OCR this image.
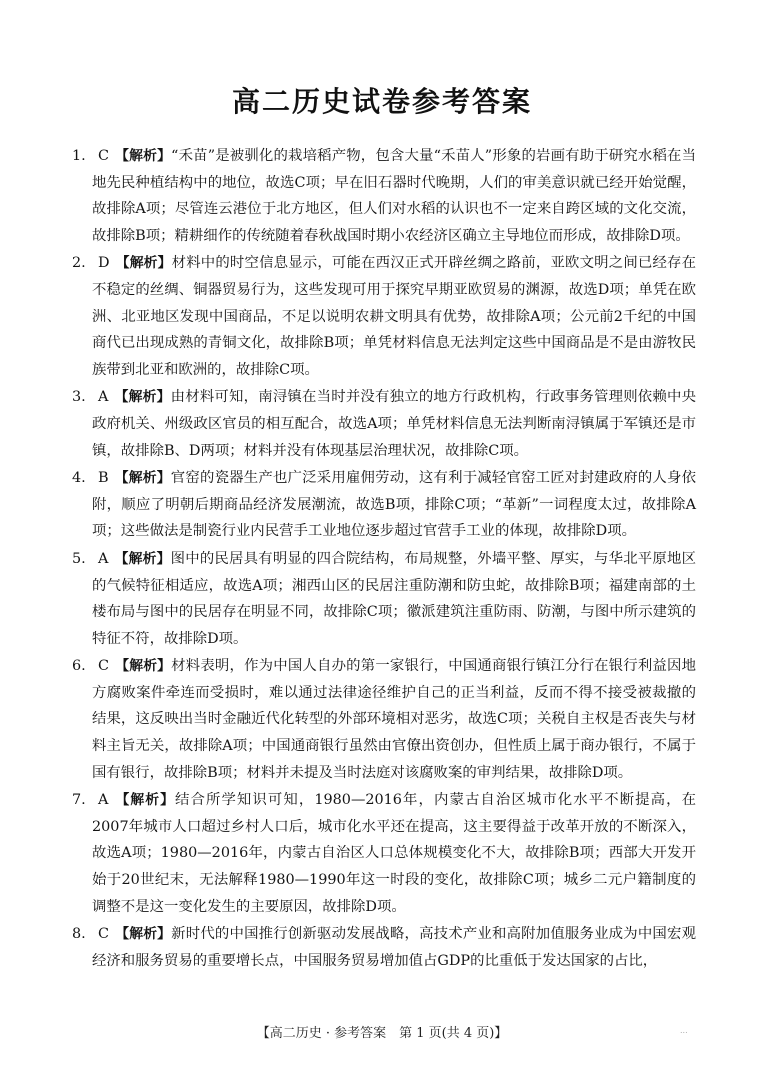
高二历史试卷参考答案
1. C 【解析】“禾苗”是被驯化的栽培稻产物，包含大量“禾苗人”形象的岩画有助于研究水稻在当地先民种植结构中的地位，故选C项；早在旧石器时代晚期，人们的审美意识就已经开始觉醒，故排除A项；尽管连云港位于北方地区，但人们对水稻的认识也不一定来自跨区域的文化交流，故排除B项；精耕细作的传统随着春秋战国时期小农经济区确立主导地位而形成，故排除D项。
2. D 【解析】材料中的时空信息显示，可能在西汉正式开辟丝绸之路前，亚欧文明之间已经存在不稳定的丝绸、铜器贸易行为，这些发现可用于探究早期亚欧贸易的渊源，故选D项；单凭在欧洲、北亚地区发现中国商品，不足以说明农耕文明具有优势，故排除A项；公元前2千纪的中国商代已出现成熟的青铜文化，故排除B项；单凭材料信息无法判定这些中国商品是不是由游牧民族带到北亚和欧洲的，故排除C项。
3. A 【解析】由材料可知，南浔镇在当时并没有独立的地方行政机构，行政事务管理则依赖中央政府机关、州级政区官员的相互配合，故选A项；单凭材料信息无法判断南浔镇属于军镇还是市镇，故排除B、D两项；材料并没有体现基层治理状况，故排除C项。
4. B 【解析】官窑的瓷器生产也广泛采用雇佣劳动，这有利于减轻官窑工匠对封建政府的人身依附，顺应了明朝后期商品经济发展潮流，故选B项，排除C项；“革新”一词程度太过，故排除A项；这些做法是制瓷行业内民营手工业地位逐步超过官营手工业的体现，故排除D项。
5. A 【解析】图中的民居具有明显的四合院结构，布局规整，外墙平整、厚实，与华北平原地区的气候特征相适应，故选A项；湘西山区的民居注重防潮和防虫蛇，故排除B项；福建南部的土楼布局与图中的民居存在明显不同，故排除C项；徽派建筑注重防雨、防潮，与图中所示建筑的特征不符，故排除D项。
6. C 【解析】材料表明，作为中国人自办的第一家银行，中国通商银行镇江分行在银行利益因地方腐败案件牵连而受损时，难以通过法律途径维护自己的正当利益，反而不得不接受被裁撤的结果，这反映出当时金融近代化转型的外部环境相对恶劣，故选C项；关税自主权是否丧失与材料主旨无关，故排除A项；中国通商银行虽然由官僚出资创办，但性质上属于商办银行，不属于国有银行，故排除B项；材料并未提及当时法庭对该腐败案的审判结果，故排除D项。
7. A 【解析】结合所学知识可知，1980—2016年，内蒙古自治区城市化水平不断提高，在2007年城市人口超过乡村人口后，城市化水平还在提高，这主要得益于改革开放的不断深入，故选A项；1980—2016年，内蒙古自治区人口总体规模变化不大，故排除B项；西部大开发开始于20世纪末，无法解释1980—1990年这一时段的变化，故排除C项；城乡二元户籍制度的调整不是这一变化发生的主要原因，故排除D项。
8. C 【解析】新时代的中国推行创新驱动发展战略，高技术产业和高附加值服务业成为中国宏观经济和服务贸易的重要增长点，中国服务贸易增加值占GDP的比重低于发达国家的占比，
【高二历史 · 参考答案　第 1 页(共 4 页)】	...
